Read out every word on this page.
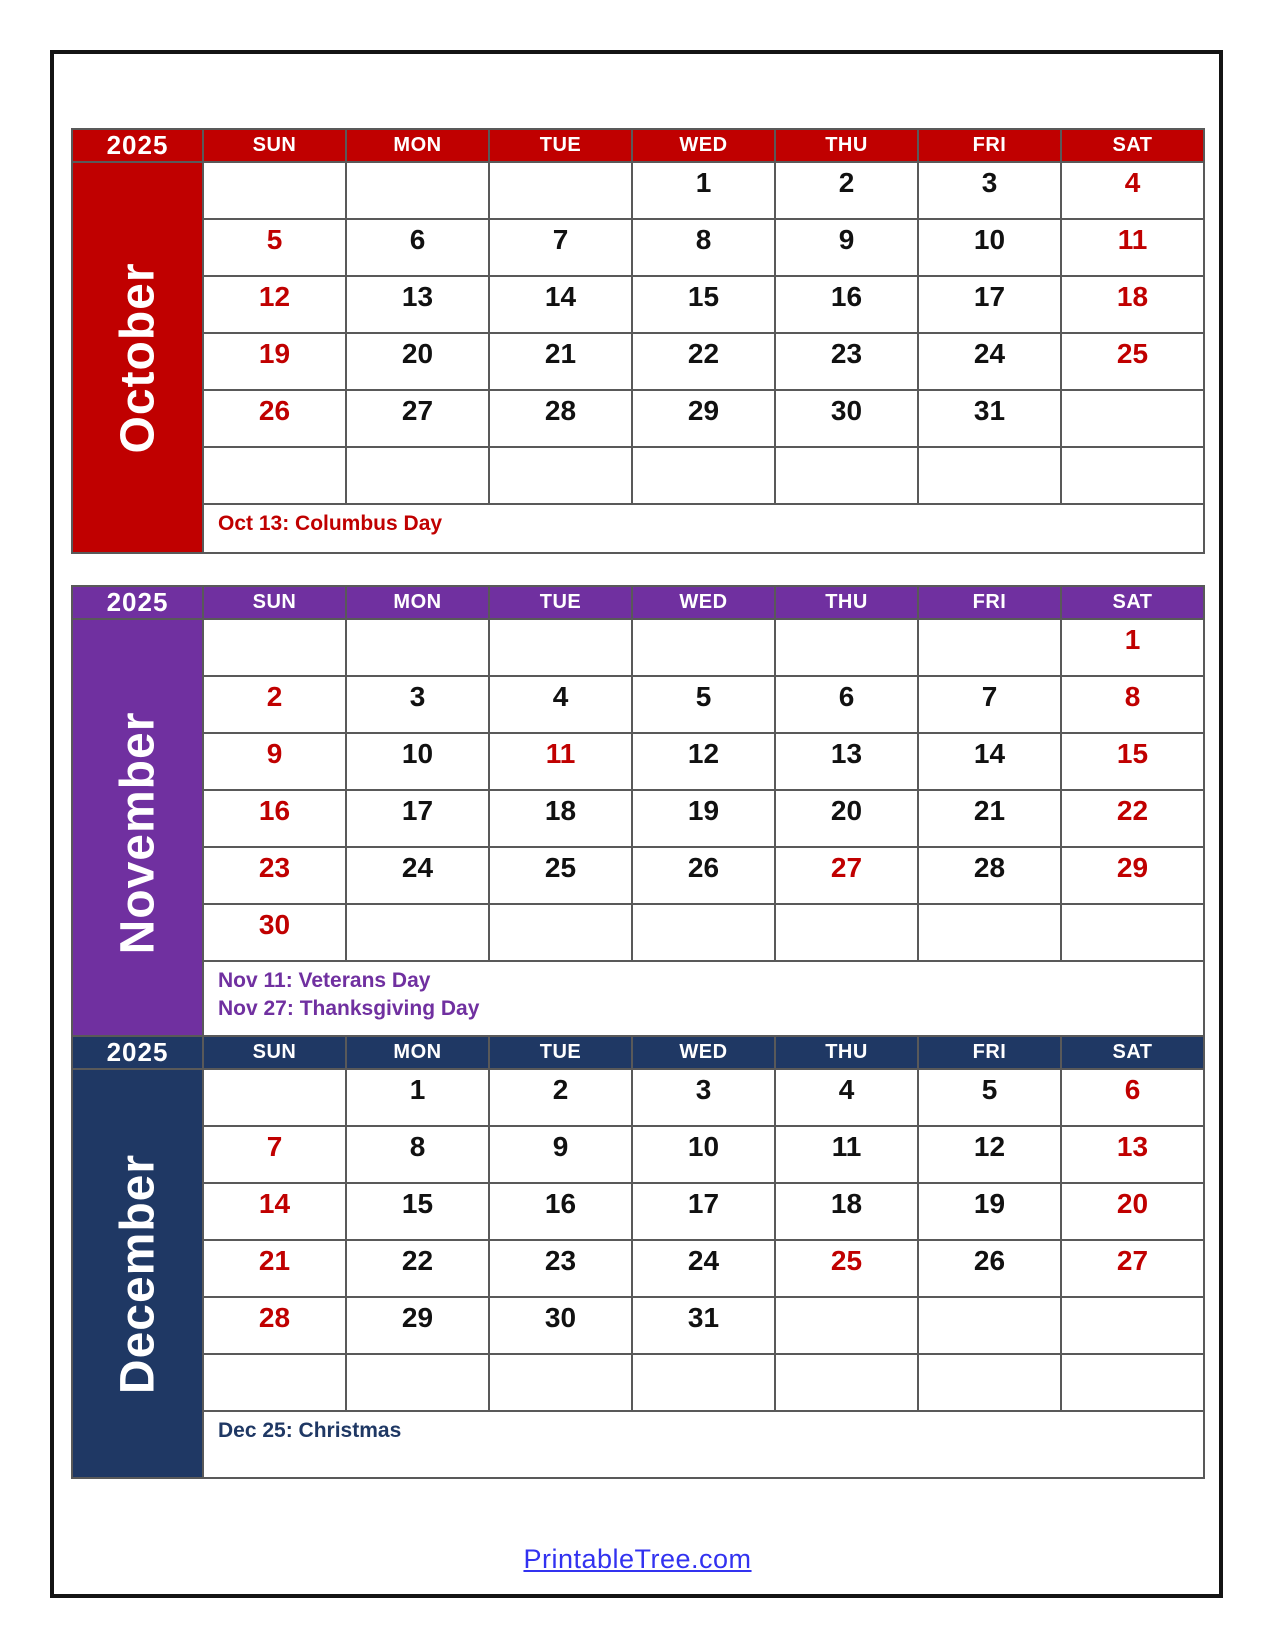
2025	SUN	MON	TUE	WED	THU	FRI	SAT

October				1	2	3	4
	5	6	7	8	9	10	11
	12	13	14	15	16	17	18
	19	20	21	22	23	24	25
	26	27	28	29	30	31	

	Oct 13: Columbus Day						
2025	SUN	MON	TUE	WED	THU	FRI	SAT

November							1
	2	3	4	5	6	7	8
	9	10	11	12	13	14	15
	16	17	18	19	20	21	22
	23	24	25	26	27	28	29
	30						

	Nov 11: Veterans Day
Nov 27: Thanksgiving Day						
2025	SUN	MON	TUE	WED	THU	FRI	SAT

December		1	2	3	4	5	6
	7	8	9	10	11	12	13
	14	15	16	17	18	19	20
	21	22	23	24	25	26	27
	28	29	30	31			

	Dec 25: Christmas						
PrintableTree.com
